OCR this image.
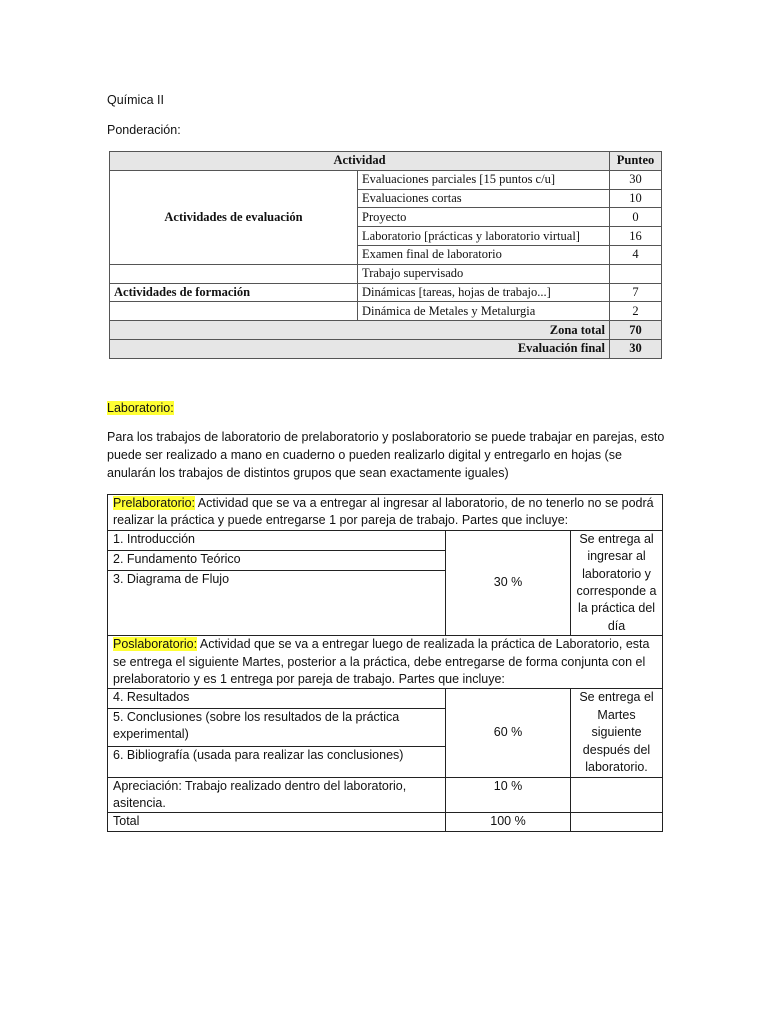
Química II
Ponderación:
Actividad		Punteo
Actividades de evaluación	Evaluaciones parciales [15 puntos c/u]	30
	Evaluaciones cortas	10
	Proyecto	0
	Laboratorio [prácticas y laboratorio virtual]	16
	Examen final de laboratorio	4
	Trabajo supervisado	
Actividades de formación	Dinámicas [tareas, hojas de trabajo...]	7
	Dinámica de Metales y Metalurgia	2
Zona total		70
Evaluación final		30
Laboratorio:
Para los trabajos de laboratorio de prelaboratorio y poslaboratorio se puede trabajar en parejas, esto puede ser realizado a mano en cuaderno o pueden realizarlo digital y entregarlo en hojas (se anularán los trabajos de distintos grupos que sean exactamente iguales)
Prelaboratorio: Actividad que se va a entregar al ingresar al laboratorio, de no tenerlo no se podrá realizar la práctica y puede entregarse 1 por pareja de trabajo. Partes que incluye:		
1. Introducción	30 %	Se entrega al ingresar al laboratorio y corresponde a la práctica del día
2. Fundamento Teórico		
3. Diagrama de Flujo		
Poslaboratorio: Actividad que se va a entregar luego de realizada la práctica de Laboratorio, esta se entrega el siguiente Martes, posterior a la práctica, debe entregarse de forma conjunta con el prelaboratorio y es 1 entrega por pareja de trabajo. Partes que incluye:		
4. Resultados	60 %	Se entrega el Martes siguiente después del laboratorio.
5. Conclusiones (sobre los resultados de la práctica experimental)		
6. Bibliografía (usada para realizar las conclusiones)		
Apreciación: Trabajo realizado dentro del laboratorio, asitencia.	10 %	
Total	100 %	
